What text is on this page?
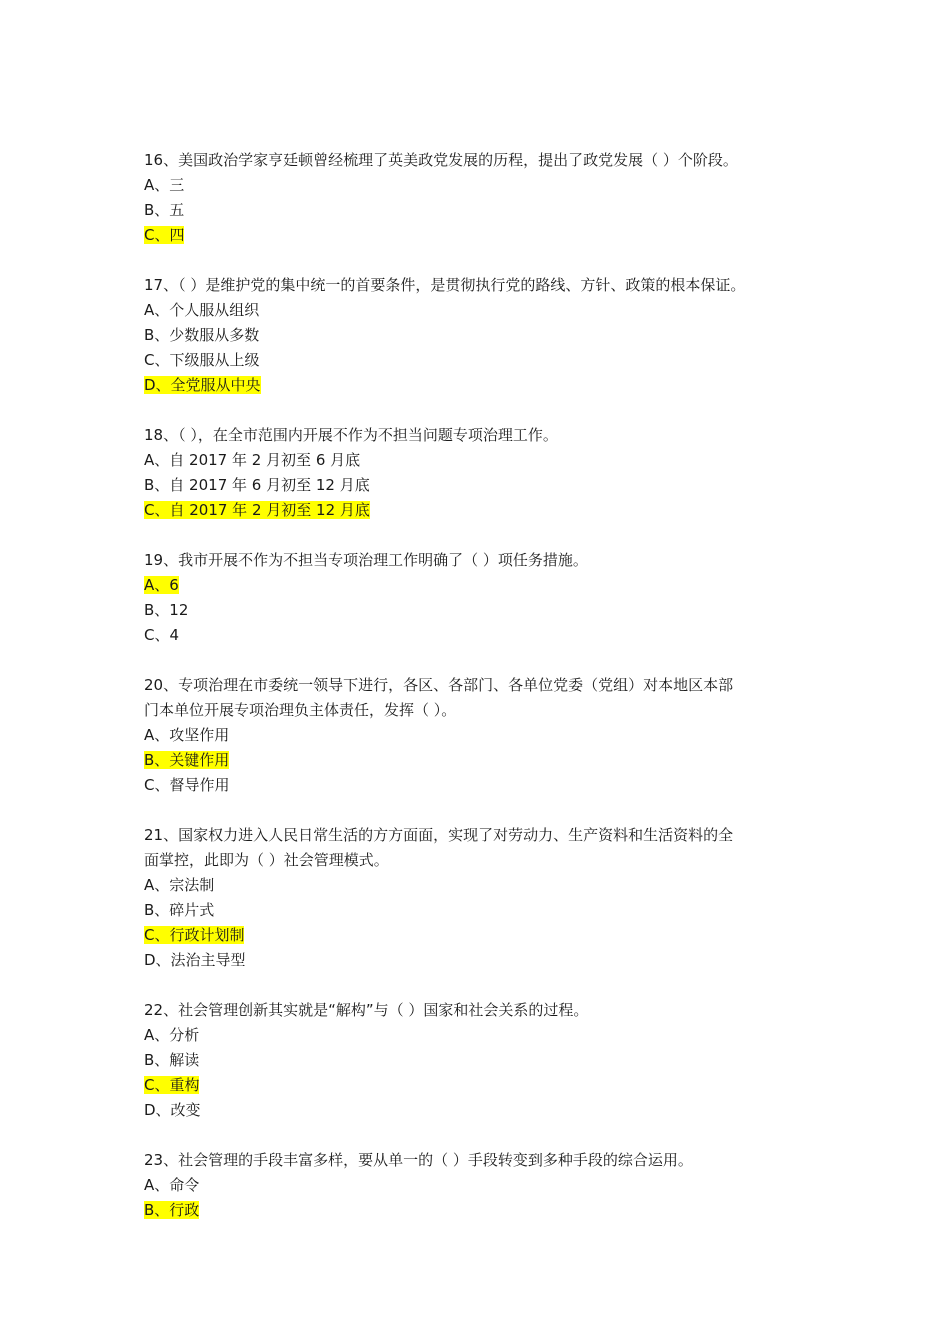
16、美国政治学家亨廷顿曾经梳理了英美政党发展的历程，提出了政党发展（ ）个阶段。
A、三
B、五
C、四
17、（ ）是维护党的集中统一的首要条件，是贯彻执行党的路线、方针、政策的根本保证。
A、个人服从组织
B、少数服从多数
C、下级服从上级
D、全党服从中央
18、（ ），在全市范围内开展不作为不担当问题专项治理工作。
A、自 2017 年 2 月初至 6 月底
B、自 2017 年 6 月初至 12 月底
C、自 2017 年 2 月初至 12 月底
19、我市开展不作为不担当专项治理工作明确了（ ）项任务措施。
A、6
B、12
C、4
20、专项治理在市委统一领导下进行，各区、各部门、各单位党委（党组）对本地区本部
门本单位开展专项治理负主体责任，发挥（ ）。
A、攻坚作用
B、关键作用
C、督导作用
21、国家权力进入人民日常生活的方方面面，实现了对劳动力、生产资料和生活资料的全
面掌控，此即为（ ）社会管理模式。
A、宗法制
B、碎片式
C、行政计划制
D、法治主导型
22、社会管理创新其实就是“解构”与（ ）国家和社会关系的过程。
A、分析
B、解读
C、重构
D、改变
23、社会管理的手段丰富多样，要从单一的（ ）手段转变到多种手段的综合运用。
A、命令
B、行政
